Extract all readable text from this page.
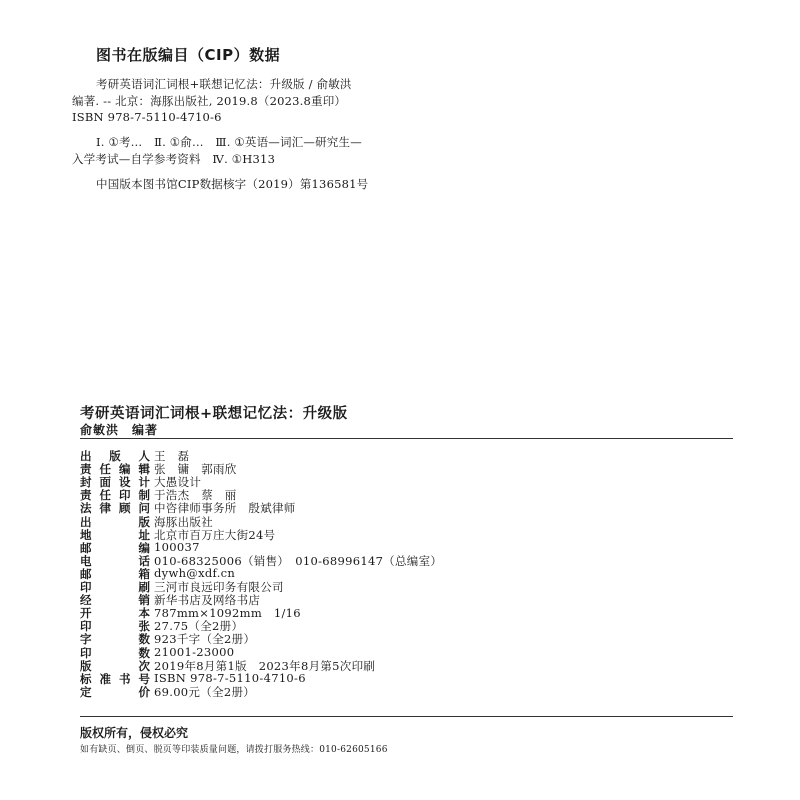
图书在版编目（CIP）数据
考研英语词汇词根+联想记忆法：升级版 / 俞敏洪
编著. -- 北京：海豚出版社, 2019.8（2023.8重印）
ISBN 978-7-5110-4710-6
Ⅰ. ①考…　Ⅱ. ①俞…　Ⅲ. ①英语—词汇—研究生—
入学考试—自学参考资料　Ⅳ. ①H313
中国版本图书馆CIP数据核字（2019）第136581号
考研英语词汇词根+联想记忆法：升级版
俞敏洪　编著
出版人 王　磊
责任编辑 张　镛　郭雨欣
封面设计 大愚设计
责任印制 于浩杰　蔡　丽
法律顾问 中咨律师事务所　殷斌律师
出版 海豚出版社
地址 北京市百万庄大街24号
邮编 100037
电话 010-68325006（销售）　010-68996147（总编室）
邮箱 dywh@xdf.cn
印刷 三河市良远印务有限公司
经销 新华书店及网络书店
开本 787mm×1092mm　1/16
印张 27.75（全2册）
字数 923千字（全2册）
印数 21001-23000
版次 2019年8月第1版　2023年8月第5次印刷
标准书号 ISBN 978-7-5110-4710-6
定价 69.00元（全2册）
版权所有，侵权必究
如有缺页、倒页、脱页等印装质量问题，请拨打服务热线：010-62605166
